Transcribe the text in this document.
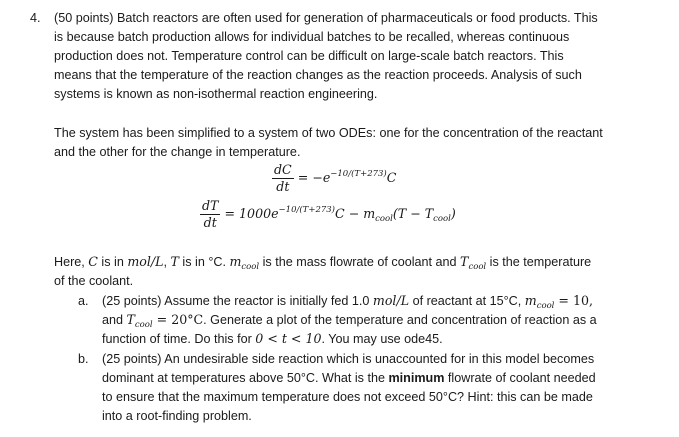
4. (50 points) Batch reactors are often used for generation of pharmaceuticals or food products. This
is because batch production allows for individual batches to be recalled, whereas continuous
production does not. Temperature control can be difficult on large-scale batch reactors. This
means that the temperature of the reaction changes as the reaction proceeds. Analysis of such
systems is known as non-isothermal reaction engineering.
The system has been simplified to a system of two ODEs: one for the concentration of the reactant
and the other for the change in temperature.
$\frac{dC}{dt} = -e^{-10/(T+273)}C$
$\frac{dT}{dt} = 1000e^{-10/(T+273)}C - m_{cool}(T - T_{cool})$
Here, C is in mol/L, T is in °C. $m_{cool}$ is the mass flowrate of coolant and $T_{cool}$ is the temperature
of the coolant.
a. (25 points) Assume the reactor is initially fed 1.0 mol/L of reactant at 15°C, $m_{cool} = 10$,
and $T_{cool} = 20^\circ C$. Generate a plot of the temperature and concentration of reaction as a
function of time. Do this for 0 < t < 10. You may use ode45.
b. (25 points) An undesirable side reaction which is unaccounted for in this model becomes
dominant at temperatures above 50°C. What is the minimum flowrate of coolant needed
to ensure that the maximum temperature does not exceed 50°C? Hint: this can be made
into a root-finding problem.
